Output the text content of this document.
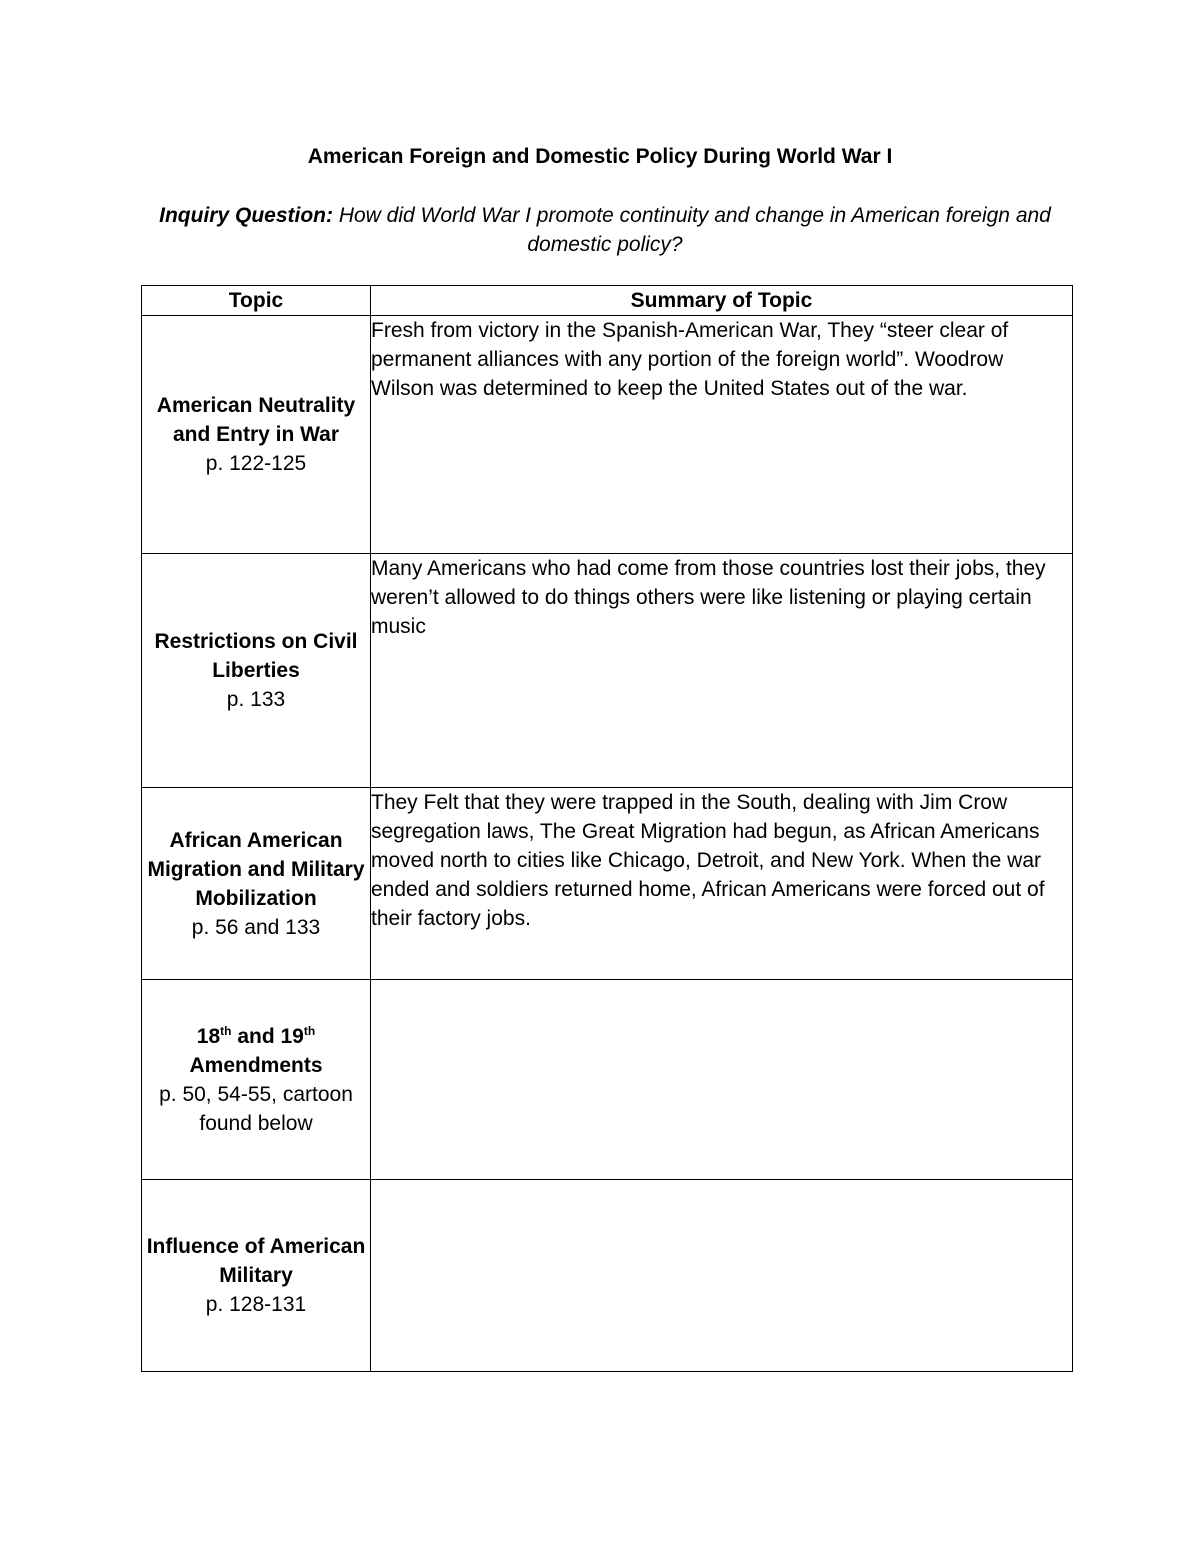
American Foreign and Domestic Policy During World War I
Inquiry Question: How did World War I promote continuity and change in American foreign and domestic policy?
Topic	Summary of Topic

American Neutrality and Entry in War
p. 122-125	Fresh from victory in the Spanish-American War, They “steer clear of permanent alliances with any portion of the foreign world”. Woodrow Wilson was determined to keep the United States out of the war.

Restrictions on Civil Liberties
p. 133	Many Americans who had come from those countries lost their jobs, they weren’t allowed to do things others were like listening or playing certain music

African American Migration and Military Mobilization
p. 56 and 133	They Felt that they were trapped in the South, dealing with Jim Crow segregation laws, The Great Migration had begun, as African Americans moved north to cities like Chicago, Detroit, and New York. When the war ended and soldiers returned home, African Americans were forced out of their factory jobs.

18th and 19th Amendments
p. 50, 54-55, cartoon found below	

Influence of American Military
p. 128-131	
